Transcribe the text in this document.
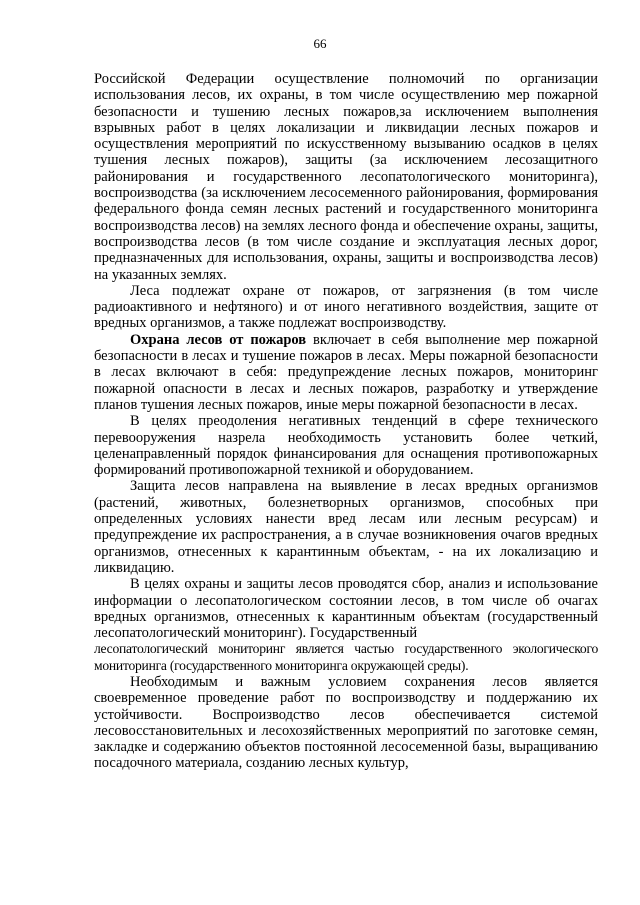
66

Российской Федерации осуществление полномочий по организации использования лесов, их охраны, в том числе осуществлению мер пожарной безопасности и тушению лесных пожаров,за исключением выполнения взрывных работ в целях локализации и ликвидации лесных пожаров и осуществления мероприятий по искусственному вызыванию осадков в целях тушения лесных пожаров), защиты (за исключением лесозащитного районирования и государственного лесопатологического мониторинга), воспроизводства (за исключением лесосеменного районирования, формирования федерального фонда семян лесных растений и государственного мониторинга воспроизводства лесов) на землях лесного фонда и обеспечение охраны, защиты, воспроизводства лесов (в том числе создание и эксплуатация лесных дорог, предназначенных для использования, охраны, защиты и воспроизводства лесов) на указанных землях.

Леса подлежат охране от пожаров, от загрязнения (в том числе радиоактивного и нефтяного) и от иного негативного воздействия, защите от вредных организмов, а также подлежат воспроизводству.

Охрана лесов от пожаров включает в себя выполнение мер пожарной безопасности в лесах и тушение пожаров в лесах. Меры пожарной безопасности в лесах включают в себя: предупреждение лесных пожаров, мониторинг пожарной опасности в лесах и лесных пожаров, разработку и утверждение планов тушения лесных пожаров, иные меры пожарной безопасности в лесах.

В целях преодоления негативных тенденций в сфере технического перевооружения назрела необходимость установить более четкий, целенаправленный порядок финансирования для оснащения противопожарных формирований противопожарной техникой и оборудованием.

Защита лесов направлена на выявление в лесах вредных организмов (растений, животных, болезнетворных организмов, способных при определенных условиях нанести вред лесам или лесным ресурсам) и предупреждение их распространения, а в случае возникновения очагов вредных организмов, отнесенных к карантинным объектам, - на их локализацию и ликвидацию.

В целях охраны и защиты лесов проводятся сбор, анализ и использование информации о лесопатологическом состоянии лесов, в том числе об очагах вредных организмов, отнесенных к карантинным объектам (государственный лесопатологический мониторинг). Государственный

лесопатологический мониторинг является частью государственного экологического мониторинга (государственного мониторинга окружающей среды).

Необходимым и важным условием сохранения лесов является своевременное проведение работ по воспроизводству и поддержанию их устойчивости. Воспроизводство лесов обеспечивается системой лесовосстановительных и лесохозяйственных мероприятий по заготовке семян, закладке и содержанию объектов постоянной лесосеменной базы, выращиванию посадочного материала, созданию лесных культур,
